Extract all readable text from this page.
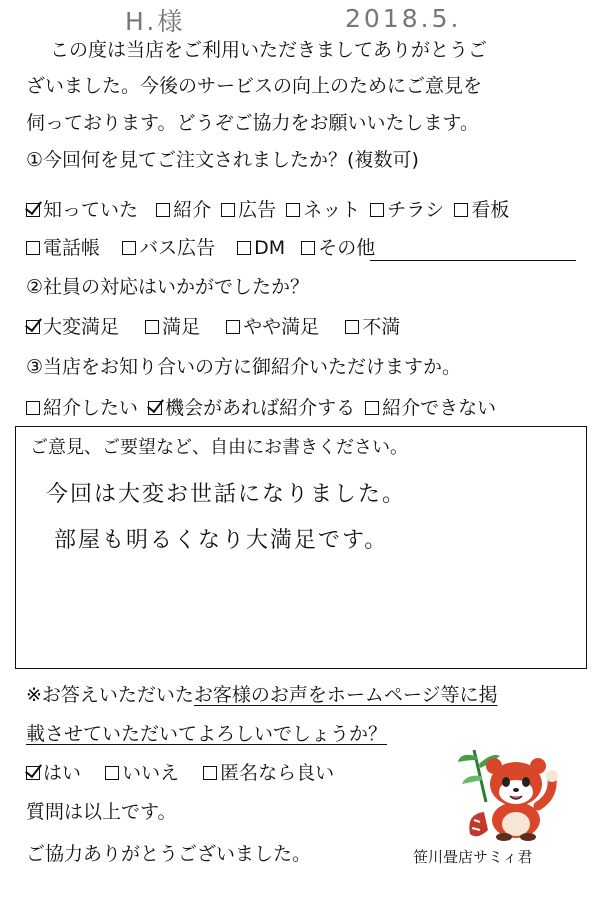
H.様	2018.5.
この度は当店をご利用いただきましてありがとうご
ざいました。今後のサービスの向上のためにご意見を
伺っております。どうぞご協力をお願いいたします。
①今回何を見てご注文されましたか？(複数可)
知っていた
紹介
広告
ネット
チラシ
看板
電話帳
バス広告
DM
その他
②社員の対応はいかがでしたか？
大変満足
満足
やや満足
不満
③当店をお知り合いの方に御紹介いただけますか。
紹介したい
機会があれば紹介する
紹介できない
ご意見、ご要望など、自由にお書きください。
今回は大変お世話になりました。
部屋も明るくなり大満足です。
※お答えいただいたお客様のお声をホームページ等に掲
載させていただいてよろしいでしょうか？
はい
いいえ
匿名なら良い
質問は以上です。
ご協力ありがとうございました。	笹川畳店サミィ君
